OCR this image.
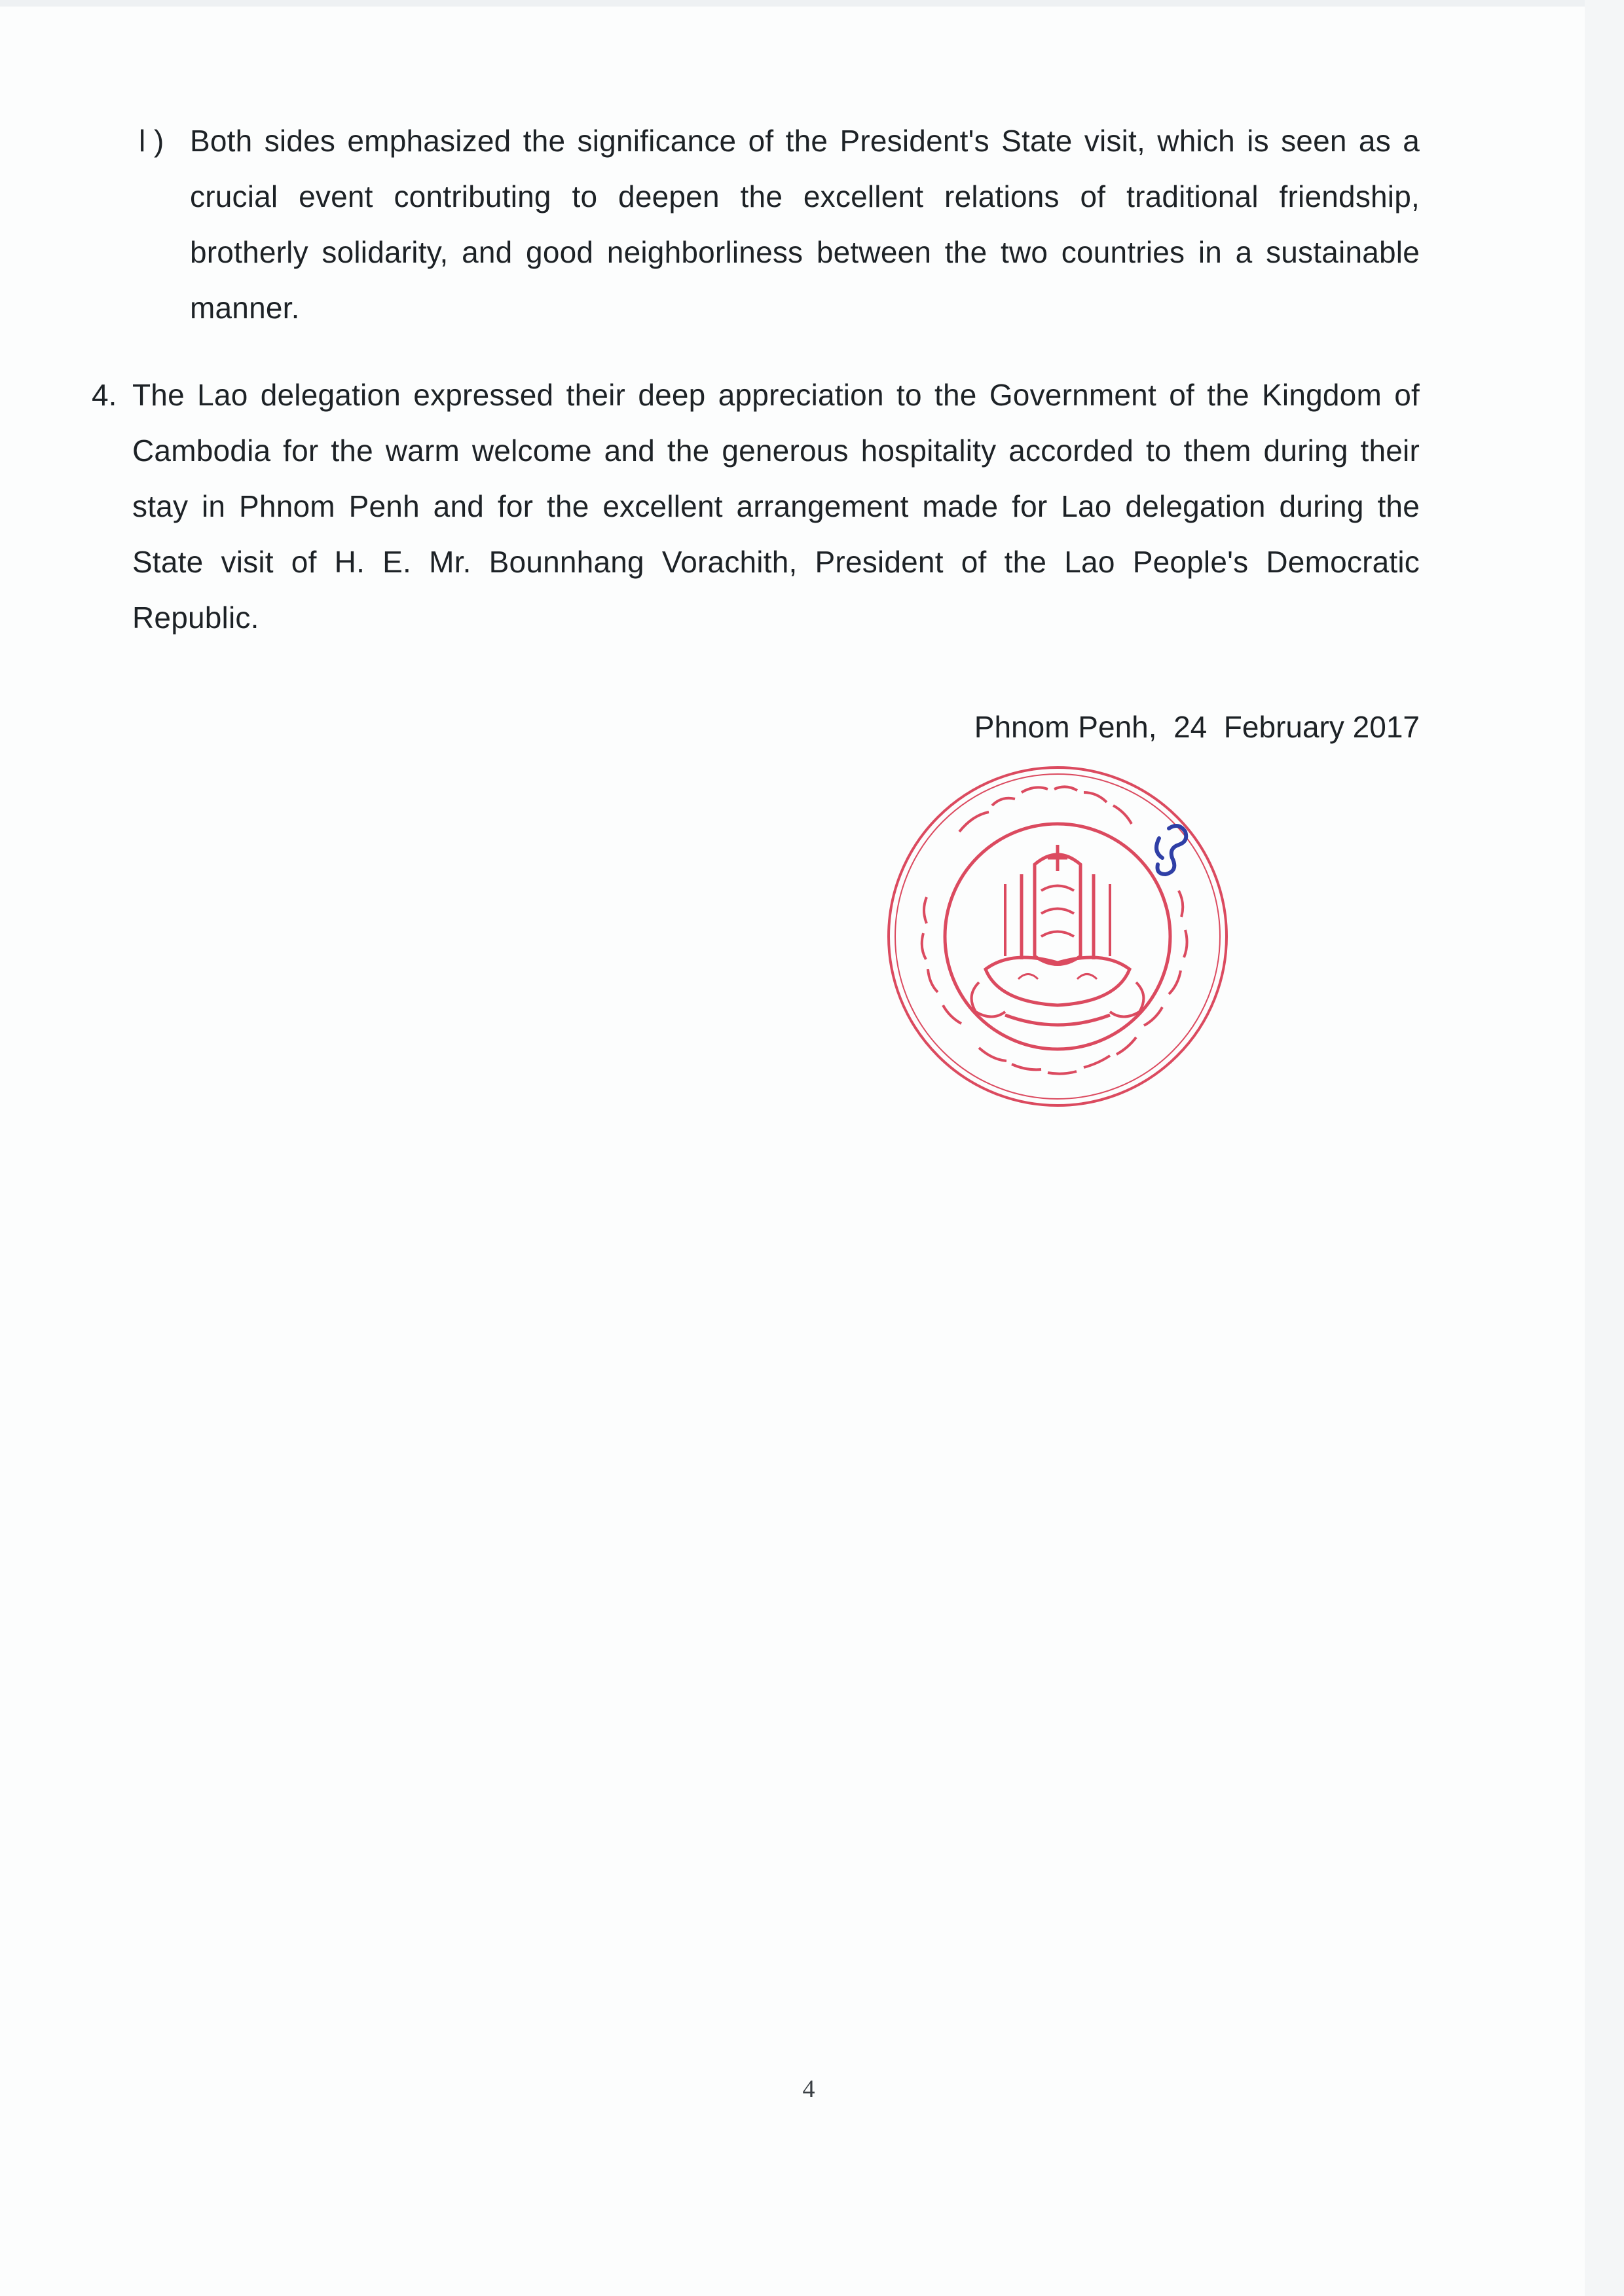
l ) Both sides emphasized the significance of the President's State visit, which is seen as a crucial event contributing to deepen the excellent relations of traditional friendship, brotherly solidarity, and good neighborliness between the two countries in a sustainable manner.
4. The Lao delegation expressed their deep appreciation to the Government of the Kingdom of Cambodia for the warm welcome and the generous hospitality accorded to them during their stay in Phnom Penh and for the excellent arrangement made for Lao delegation during the State visit of H. E. Mr. Bounnhang Vorachith, President of the Lao People's Democratic Republic.
Phnom Penh,  24  February 2017
4
